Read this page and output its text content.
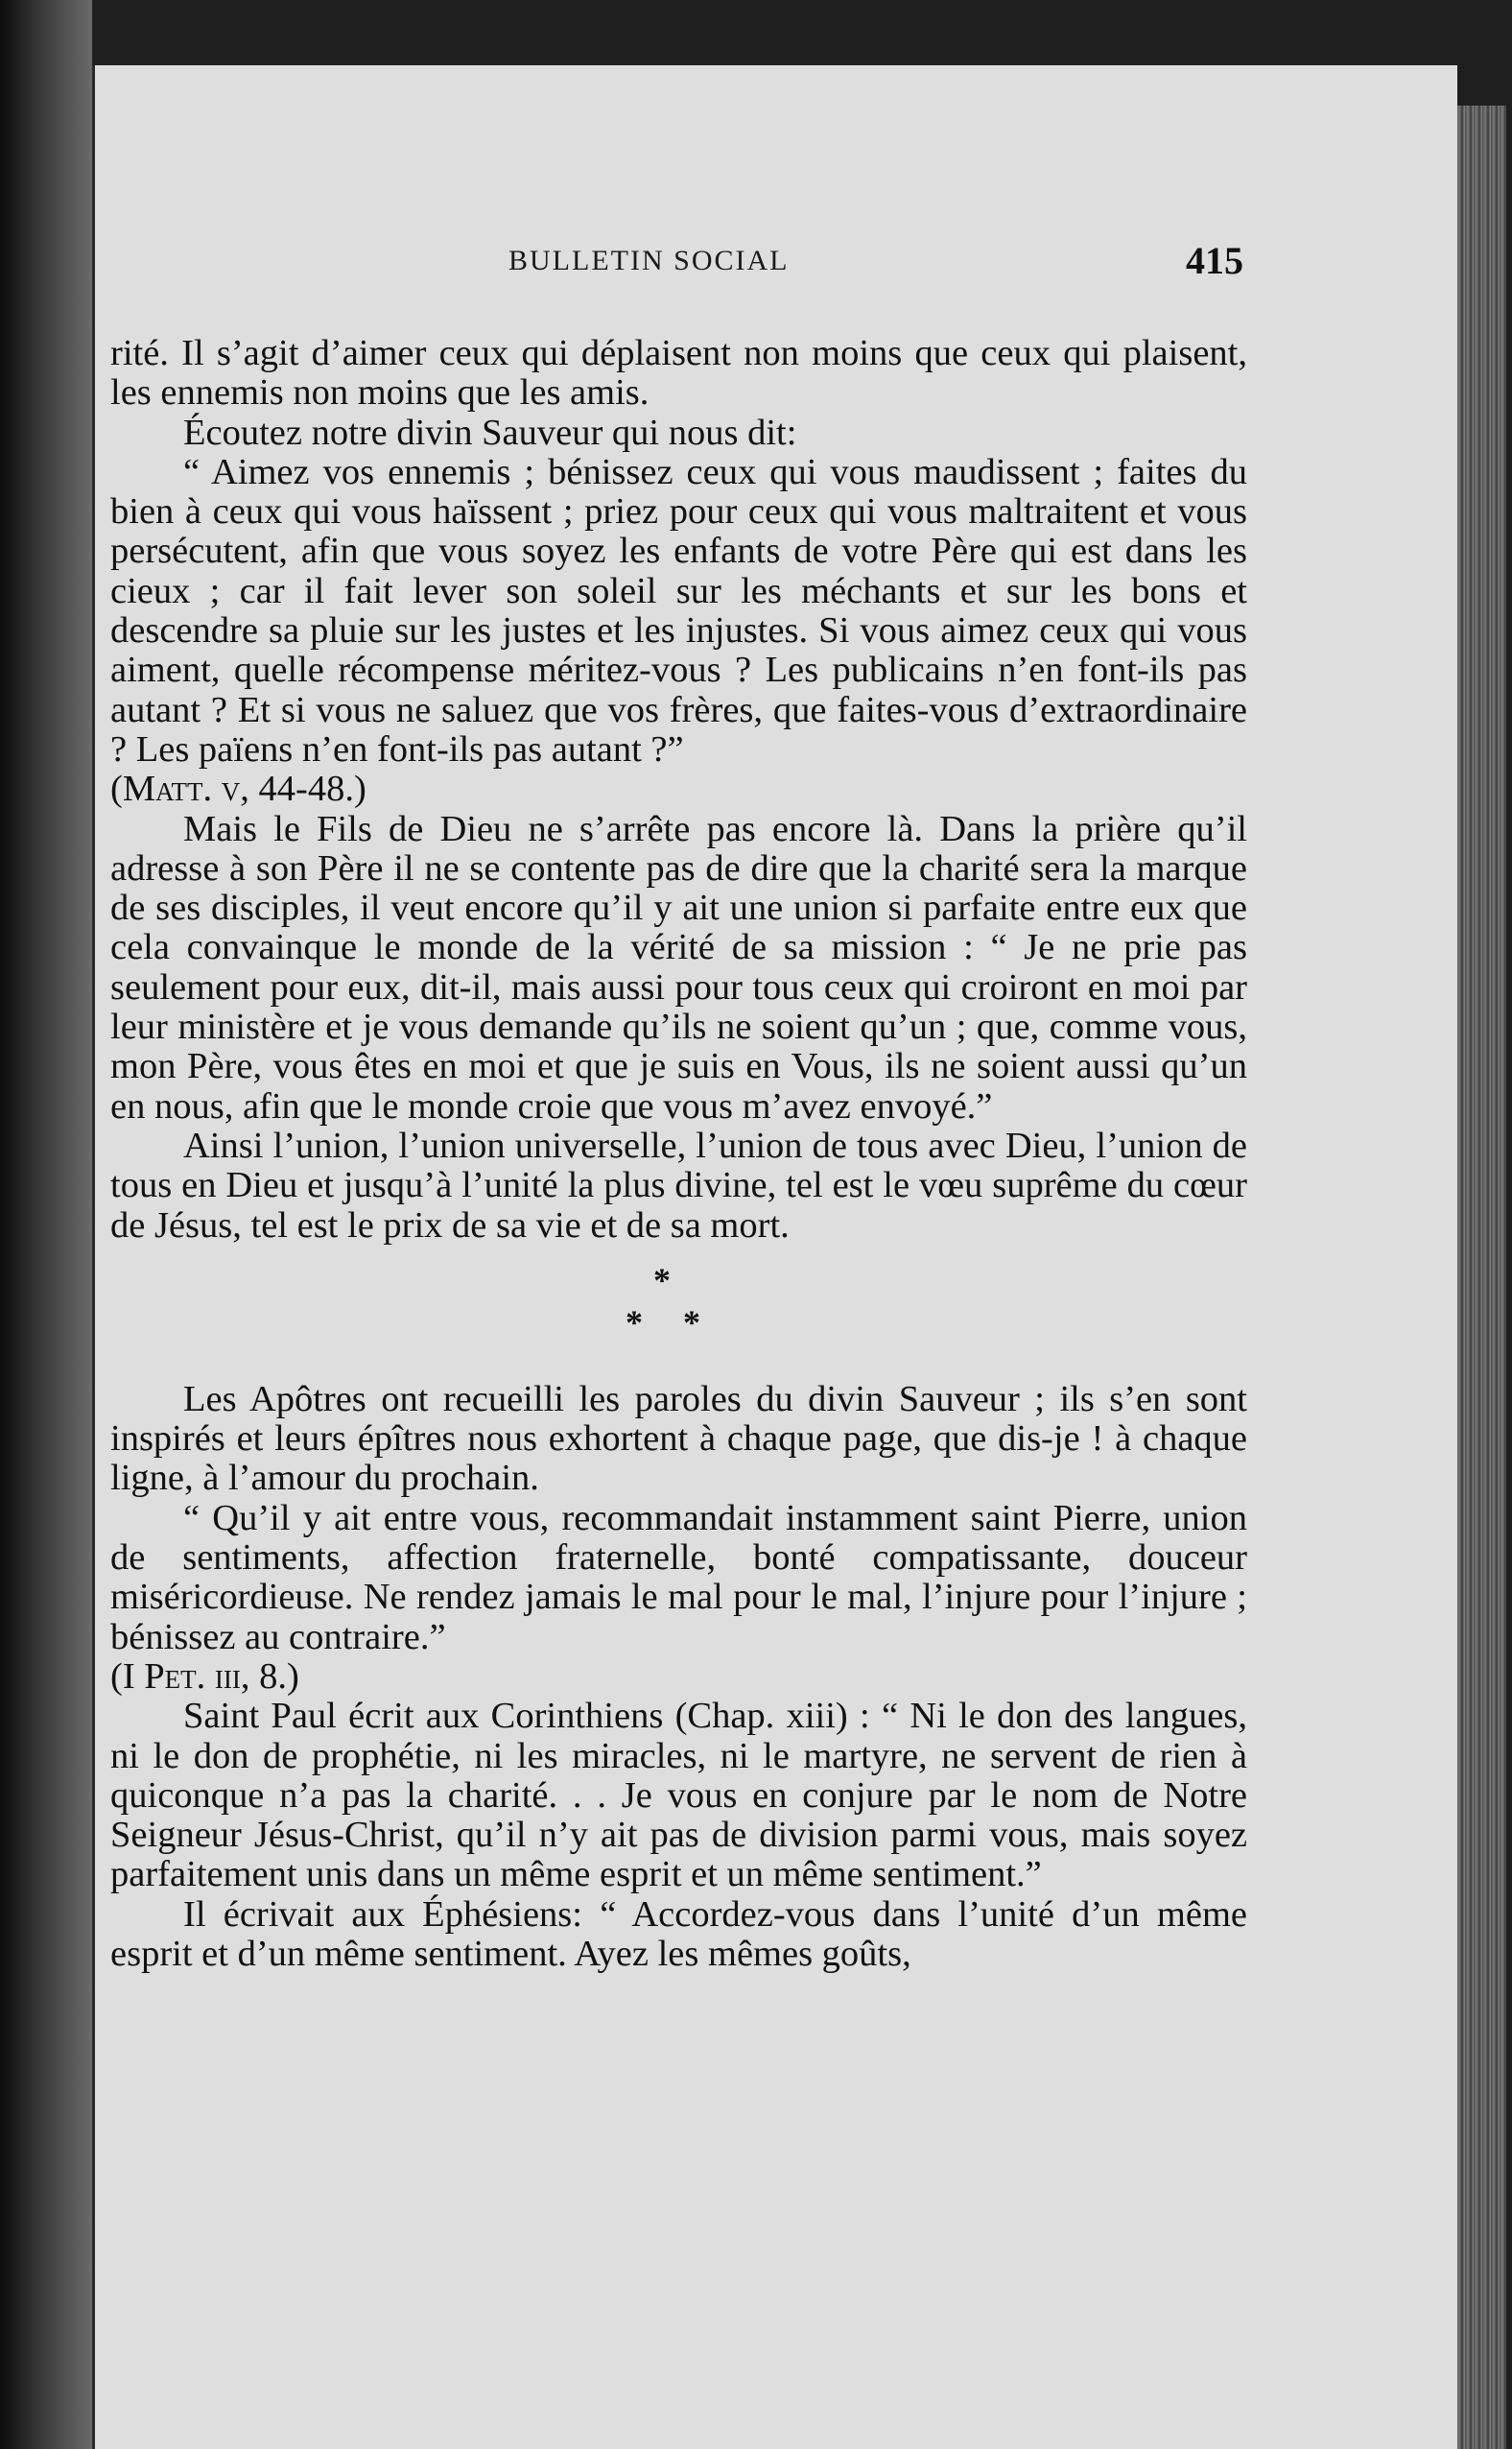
BULLETIN SOCIAL	415

rité. Il s’agit d’aimer ceux qui déplaisent non moins que ceux qui plaisent, les ennemis non moins que les amis.

Écoutez notre divin Sauveur qui nous dit:

“ Aimez vos ennemis ; bénissez ceux qui vous maudissent ; faites du bien à ceux qui vous haïssent ; priez pour ceux qui vous maltraitent et vous persécutent, afin que vous soyez les enfants de votre Père qui est dans les cieux ; car il fait lever son soleil sur les méchants et sur les bons et descendre sa pluie sur les justes et les injustes. Si vous aimez ceux qui vous aiment, quelle récompense méritez-vous ? Les publicains n’en font-ils pas autant ? Et si vous ne saluez que vos frères, que faites-vous d’extraordinaire ? Les païens n’en font-ils pas autant ?”

(Matt. v, 44-48.)

Mais le Fils de Dieu ne s’arrête pas encore là. Dans la prière qu’il adresse à son Père il ne se contente pas de dire que la charité sera la marque de ses disciples, il veut encore qu’il y ait une union si parfaite entre eux que cela convainque le monde de la vérité de sa mission : “ Je ne prie pas seulement pour eux, dit-il, mais aussi pour tous ceux qui croiront en moi par leur ministère et je vous demande qu’ils ne soient qu’un ; que, comme vous, mon Père, vous êtes en moi et que je suis en Vous, ils ne soient aussi qu’un en nous, afin que le monde croie que vous m’avez envoyé.”

Ainsi l’union, l’union universelle, l’union de tous avec Dieu, l’union de tous en Dieu et jusqu’à l’unité la plus divine, tel est le vœu suprême du cœur de Jésus, tel est le prix de sa vie et de sa mort.

*
* *

Les Apôtres ont recueilli les paroles du divin Sauveur ; ils s’en sont inspirés et leurs épîtres nous exhortent à chaque page, que dis-je ! à chaque ligne, à l’amour du prochain.

“ Qu’il y ait entre vous, recommandait instamment saint Pierre, union de sentiments, affection fraternelle, bonté compatissante, douceur miséricordieuse. Ne rendez jamais le mal pour le mal, l’injure pour l’injure ; bénissez au contraire.”

(I Pet. iii, 8.)

Saint Paul écrit aux Corinthiens (Chap. xiii) : “ Ni le don des langues, ni le don de prophétie, ni les miracles, ni le martyre, ne servent de rien à quiconque n’a pas la charité. . . Je vous en conjure par le nom de Notre Seigneur Jésus-Christ, qu’il n’y ait pas de division parmi vous, mais soyez parfaitement unis dans un même esprit et un même sentiment.”

Il écrivait aux Éphésiens: “ Accordez-vous dans l’unité d’un même esprit et d’un même sentiment. Ayez les mêmes goûts,
